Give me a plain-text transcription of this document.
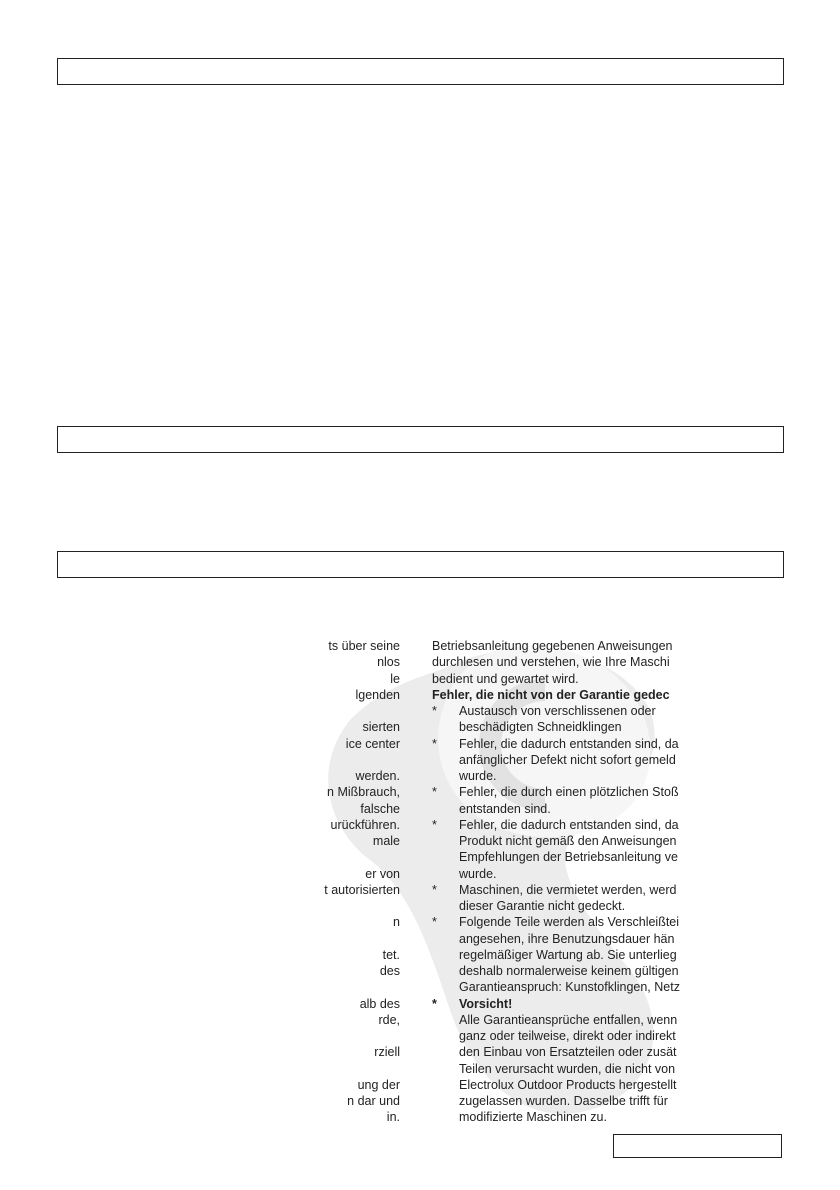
ts über seine
nlos
le
lgenden
sierten
ice center
werden.
n Mißbrauch,
falsche
urückführen.
male
er von
t autorisierten
n
tet.
des
alb des
rde,
rziell
ung der
n dar und
in.
Betriebsanleitung gegebenen Anweisungen
durchlesen und verstehen, wie Ihre Maschi
bedient und gewartet wird.
Fehler, die nicht von der Garantie gedec
*	Austausch von verschlissenen oder
beschädigten Schneidklingen
*	Fehler, die dadurch entstanden sind, da
anfänglicher Defekt nicht sofort gemeld
wurde.
*	Fehler, die durch einen plötzlichen Stoß
entstanden sind.
*	Fehler, die dadurch entstanden sind, da
Produkt nicht gemäß den Anweisungen
Empfehlungen der Betriebsanleitung ve
wurde.
*	Maschinen, die vermietet werden, werd
dieser Garantie nicht gedeckt.
*	Folgende Teile werden als Verschleißtei
angesehen, ihre Benutzungsdauer hän
regelmäßiger Wartung ab. Sie unterlieg
deshalb normalerweise keinem gültigen
Garantieanspruch: Kunstofklingen, Netz
*	Vorsicht!
Alle Garantieansprüche entfallen, wenn
ganz oder teilweise, direkt oder indirekt
den Einbau von Ersatzteilen oder zusät
Teilen verursacht wurden, die nicht von
Electrolux Outdoor Products hergestellt
zugelassen wurden. Dasselbe trifft für
modifizierte Maschinen zu.
